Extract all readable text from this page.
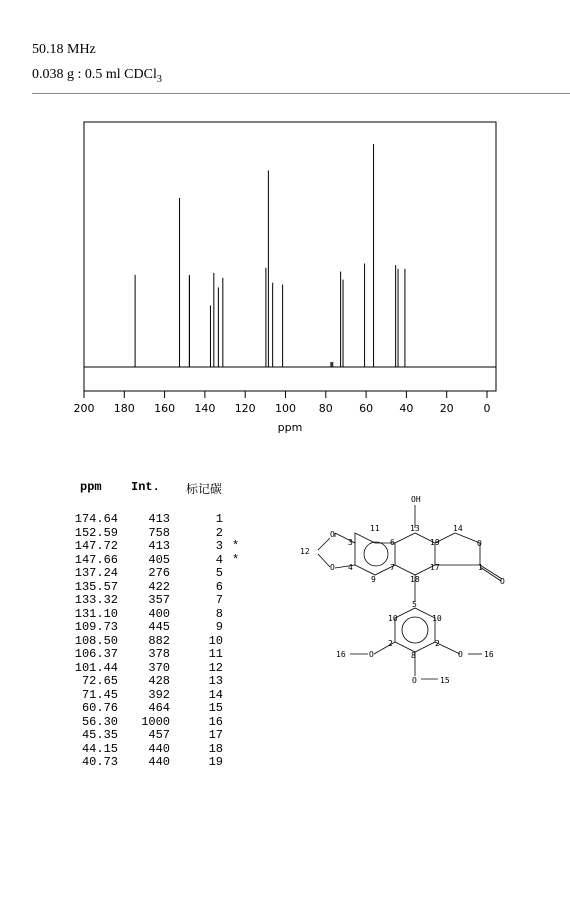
50.18 MHz
0.038 g : 0.5 ml CDCl$_3$
200 180 160 140 120 100 80 60 40 20	0
ppm
ppm Int. 标记碳
174.64	413	1
152.59	758	2
147.72	413	3 *
147.66	405	4 *
137.24	276	5
135.57	422	6
133.32	357	7
131.10	400	8
109.73	445	9
108.50	882	10
106.37	378	11
101.44	370	12
72.65	428	13
71.45	392	14
60.76	464	15
56.30 1000	16
45.35	457	17
44.15	440	18
40.73	440	19
OH
13	14
19
17
18
11
6
7
9
3
4
12
O
O
O
1
O
5
10	10
2	2
8
O	O
O
16	16
15
